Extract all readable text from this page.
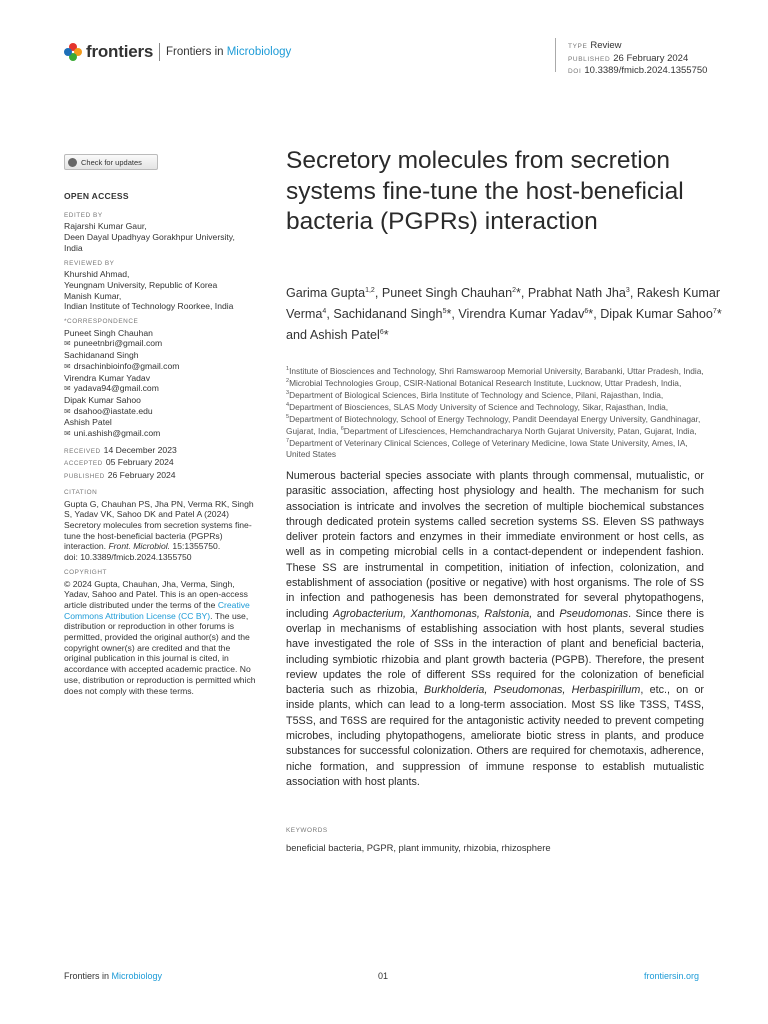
frontiers Frontiers in Microbiology	TYPE Review
PUBLISHED 26 February 2024
DOI 10.3389/fmicb.2024.1355750
Check for updates
OPEN ACCESS
EDITED BY
Rajarshi Kumar Gaur,
Deen Dayal Upadhyay Gorakhpur University,
India
REVIEWED BY
Khurshid Ahmad,
Yeungnam University, Republic of Korea
Manish Kumar,
Indian Institute of Technology Roorkee, India
*CORRESPONDENCE
Puneet Singh Chauhan
✉ puneetnbri@gmail.com
Sachidanand Singh
✉ drsachinbioinfo@gmail.com
Virendra Kumar Yadav
✉ yadava94@gmail.com
Dipak Kumar Sahoo
✉ dsahoo@iastate.edu
Ashish Patel
✉ uni.ashish@gmail.com
RECEIVED 14 December 2023
ACCEPTED 05 February 2024
PUBLISHED 26 February 2024
CITATION
Gupta G, Chauhan PS, Jha PN, Verma RK, Singh S, Yadav VK, Sahoo DK and Patel A (2024) Secretory molecules from secretion systems fine-tune the host-beneficial bacteria (PGPRs) interaction. Front. Microbiol. 15:1355750.
doi: 10.3389/fmicb.2024.1355750
COPYRIGHT
© 2024 Gupta, Chauhan, Jha, Verma, Singh, Yadav, Sahoo and Patel. This is an open-access article distributed under the terms of the Creative Commons Attribution License (CC BY). The use, distribution or reproduction in other forums is permitted, provided the original author(s) and the copyright owner(s) are credited and that the original publication in this journal is cited, in accordance with accepted academic practice. No use, distribution or reproduction is permitted which does not comply with these terms.
Secretory molecules from secretion systems fine-tune the host-beneficial bacteria (PGPRs) interaction

Garima Gupta$^{1,2}$, Puneet Singh Chauhan$^2$*, Prabhat Nath Jha$^3$, Rakesh Kumar Verma$^4$, Sachidanand Singh$^5$*, Virendra Kumar Yadav$^6$*, Dipak Kumar Sahoo$^7$* and Ashish Patel$^6$*

$^1$Institute of Biosciences and Technology, Shri Ramswaroop Memorial University, Barabanki, Uttar Pradesh, India, $^2$Microbial Technologies Group, CSIR-National Botanical Research Institute, Lucknow, Uttar Pradesh, India, $^3$Department of Biological Sciences, Birla Institute of Technology and Science, Pilani, Rajasthan, India, $^4$Department of Biosciences, SLAS Mody University of Science and Technology, Sikar, Rajasthan, India, $^5$Department of Biotechnology, School of Energy Technology, Pandit Deendayal Energy University, Gandhinagar, Gujarat, India, $^6$Department of Lifesciences, Hemchandracharya North Gujarat University, Patan, Gujarat, India, $^7$Department of Veterinary Clinical Sciences, College of Veterinary Medicine, Iowa State University, Ames, IA, United States

Numerous bacterial species associate with plants through commensal, mutualistic, or parasitic association, affecting host physiology and health. The mechanism for such association is intricate and involves the secretion of multiple biochemical substances through dedicated protein systems called secretion systems SS. Eleven SS pathways deliver protein factors and enzymes in their immediate environment or host cells, as well as in competing microbial cells in a contact-dependent or independent fashion. These SS are instrumental in competition, initiation of infection, colonization, and establishment of association (positive or negative) with host organisms. The role of SS in infection and pathogenesis has been demonstrated for several phytopathogens, including Agrobacterium, Xanthomonas, Ralstonia, and Pseudomonas. Since there is overlap in mechanisms of establishing association with host plants, several studies have investigated the role of SSs in the interaction of plant and beneficial bacteria, including symbiotic rhizobia and plant growth bacteria (PGPB). Therefore, the present review updates the role of different SSs required for the colonization of beneficial bacteria such as rhizobia, Burkholderia, Pseudomonas, Herbaspirillum, etc., on or inside plants, which can lead to a long-term association. Most SS like T3SS, T4SS, T5SS, and T6SS are required for the antagonistic activity needed to prevent competing microbes, including phytopathogens, ameliorate biotic stress in plants, and produce substances for successful colonization. Others are required for chemotaxis, adherence, niche formation, and suppression of immune response to establish mutualistic association with host plants.

KEYWORDS
beneficial bacteria, PGPR, plant immunity, rhizobia, rhizosphere
Frontiers in Microbiology	01	frontiersin.org
